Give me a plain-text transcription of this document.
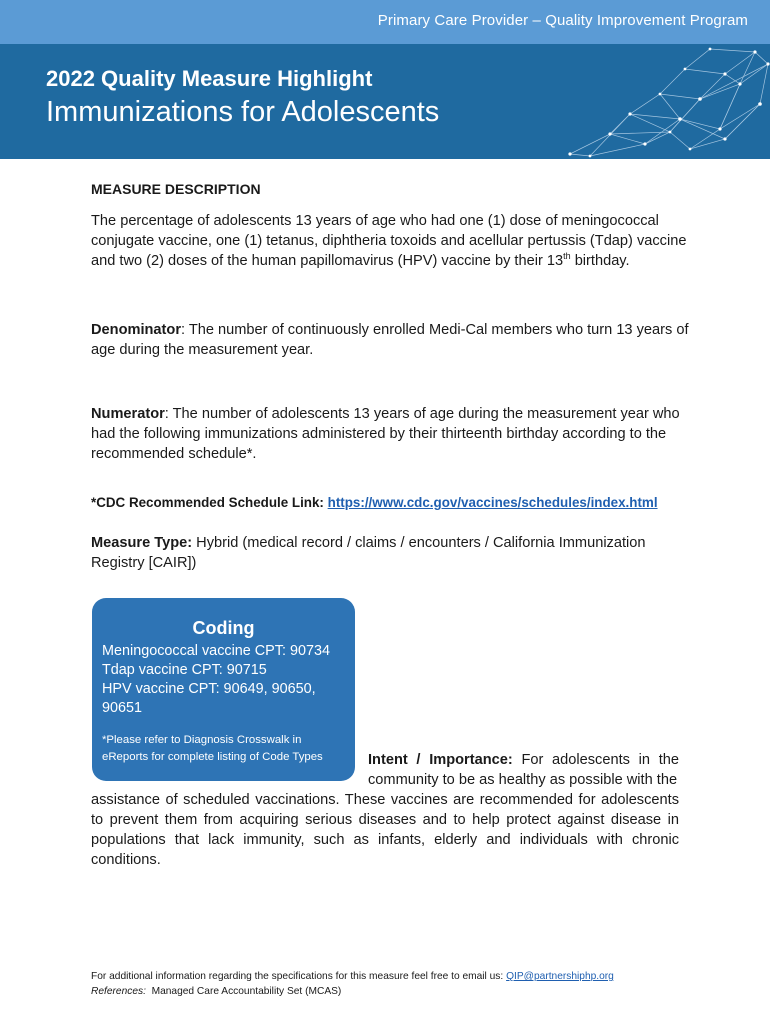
Primary Care Provider – Quality Improvement Program
2022 Quality Measure Highlight
Immunizations for Adolescents
MEASURE DESCRIPTION
The percentage of adolescents 13 years of age who had one (1) dose of meningococcal conjugate vaccine, one (1) tetanus, diphtheria toxoids and acellular pertussis (Tdap) vaccine and two (2) doses of the human papillomavirus (HPV) vaccine by their 13th birthday.
Denominator: The number of continuously enrolled Medi-Cal members who turn 13 years of age during the measurement year.
Numerator: The number of adolescents 13 years of age during the measurement year who had the following immunizations administered by their thirteenth birthday according to the recommended schedule*.
*CDC Recommended Schedule Link: https://www.cdc.gov/vaccines/schedules/index.html
Measure Type: Hybrid (medical record / claims / encounters / California Immunization Registry [CAIR])
Coding
Meningococcal vaccine CPT: 90734
Tdap vaccine CPT: 90715
HPV vaccine CPT: 90649, 90650,
90651
*Please refer to Diagnosis Crosswalk in
eReports for complete listing of Code Types	Intent / Importance: For adolescents in the community to be as healthy as possible with the
assistance of scheduled vaccinations. These vaccines are recommended for adolescents to prevent them from acquiring serious diseases and to help protect against disease in populations that lack immunity, such as infants, elderly and individuals with chronic conditions.
For additional information regarding the specifications for this measure feel free to email us: QIP@partnershiphp.org
References: Managed Care Accountability Set (MCAS)
